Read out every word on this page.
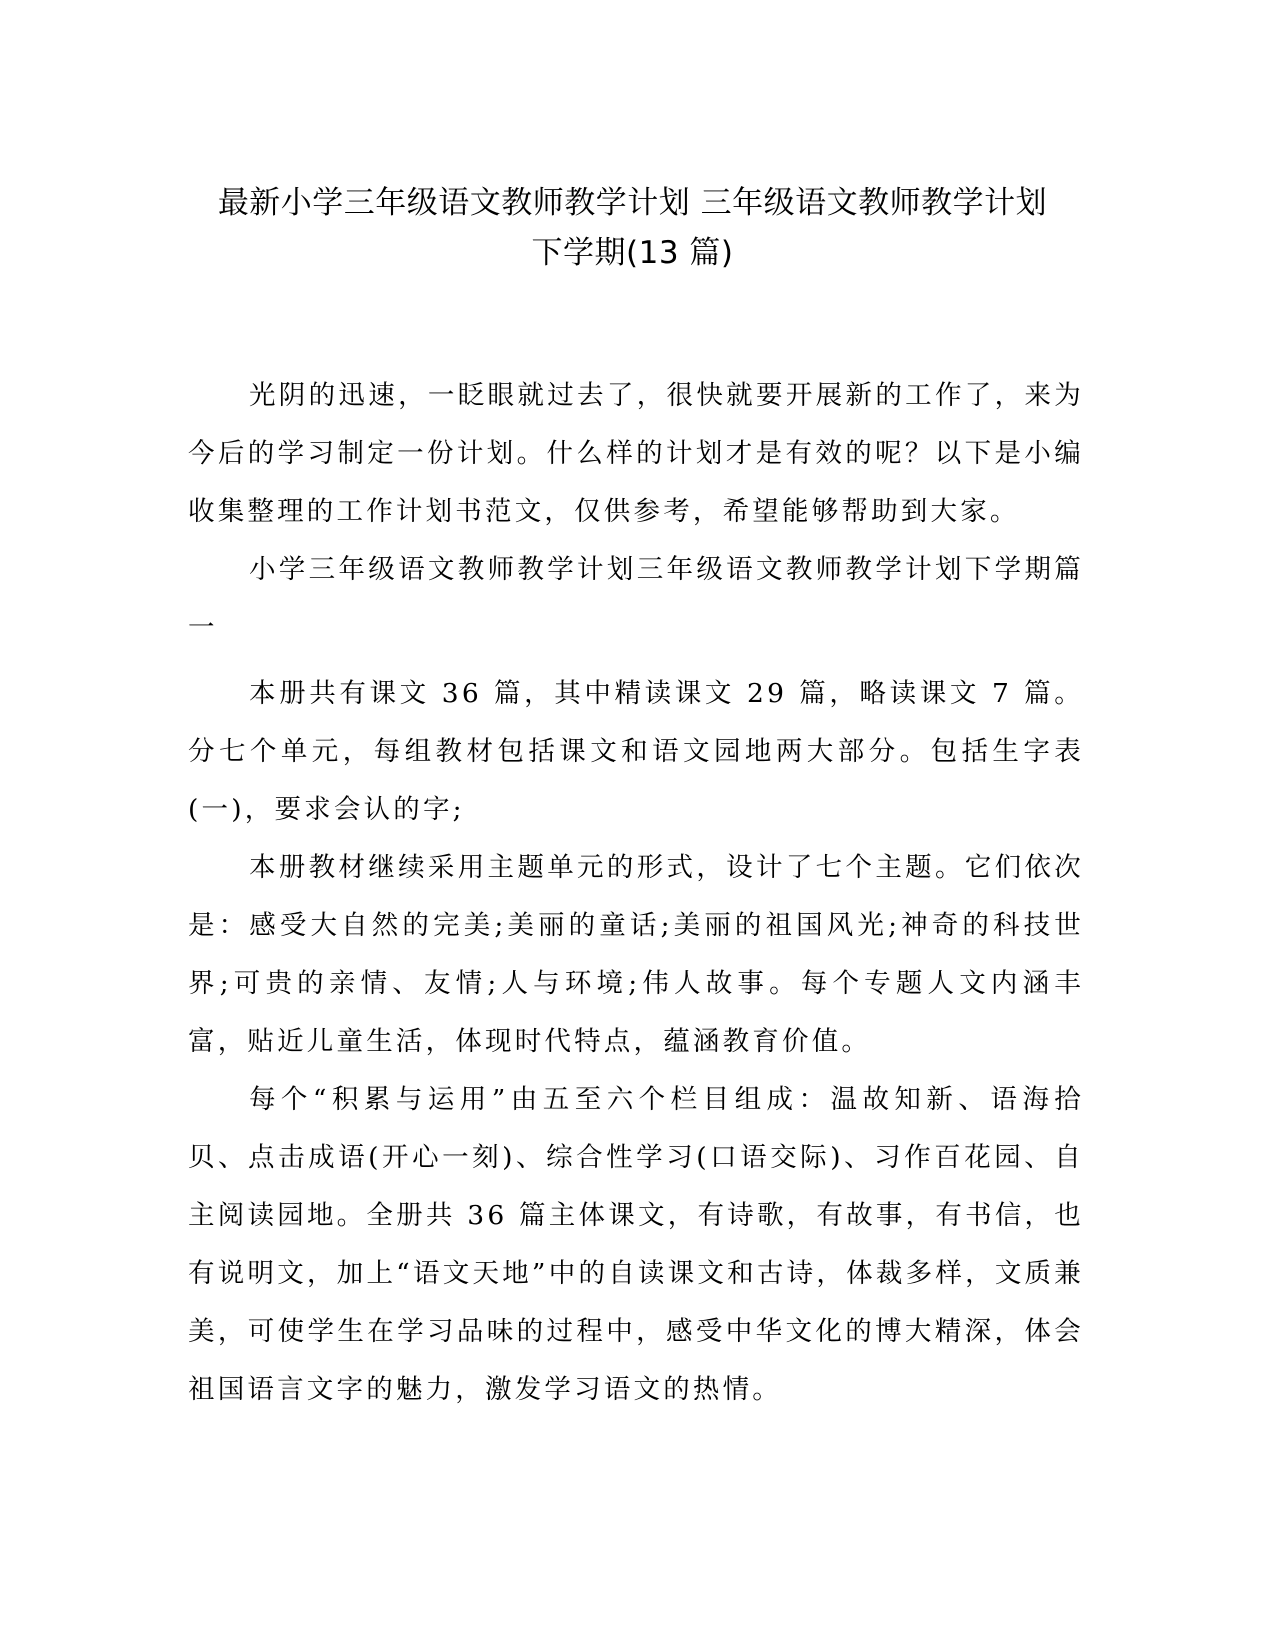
最新小学三年级语文教师教学计划 三年级语文教师教学计划
下学期(13 篇)

光阴的迅速，一眨眼就过去了，很快就要开展新的工作了，来为今后的学习制定一份计划。什么样的计划才是有效的呢？以下是小编收集整理的工作计划书范文，仅供参考，希望能够帮助到大家。

小学三年级语文教师教学计划三年级语文教师教学计划下学期篇一

本册共有课文 36 篇，其中精读课文 29 篇，略读课文 7 篇。分七个单元，每组教材包括课文和语文园地两大部分。包括生字表(一)，要求会认的字;

本册教材继续采用主题单元的形式，设计了七个主题。它们依次是：感受大自然的完美;美丽的童话;美丽的祖国风光;神奇的科技世界;可贵的亲情、友情;人与环境;伟人故事。每个专题人文内涵丰富，贴近儿童生活，体现时代特点，蕴涵教育价值。

每个“积累与运用”由五至六个栏目组成：温故知新、语海拾贝、点击成语(开心一刻)、综合性学习(口语交际)、习作百花园、自主阅读园地。全册共 36 篇主体课文，有诗歌，有故事，有书信，也有说明文，加上“语文天地”中的自读课文和古诗，体裁多样，文质兼美，可使学生在学习品味的过程中，感受中华文化的博大精深，体会祖国语言文字的魅力，激发学习语文的热情。
